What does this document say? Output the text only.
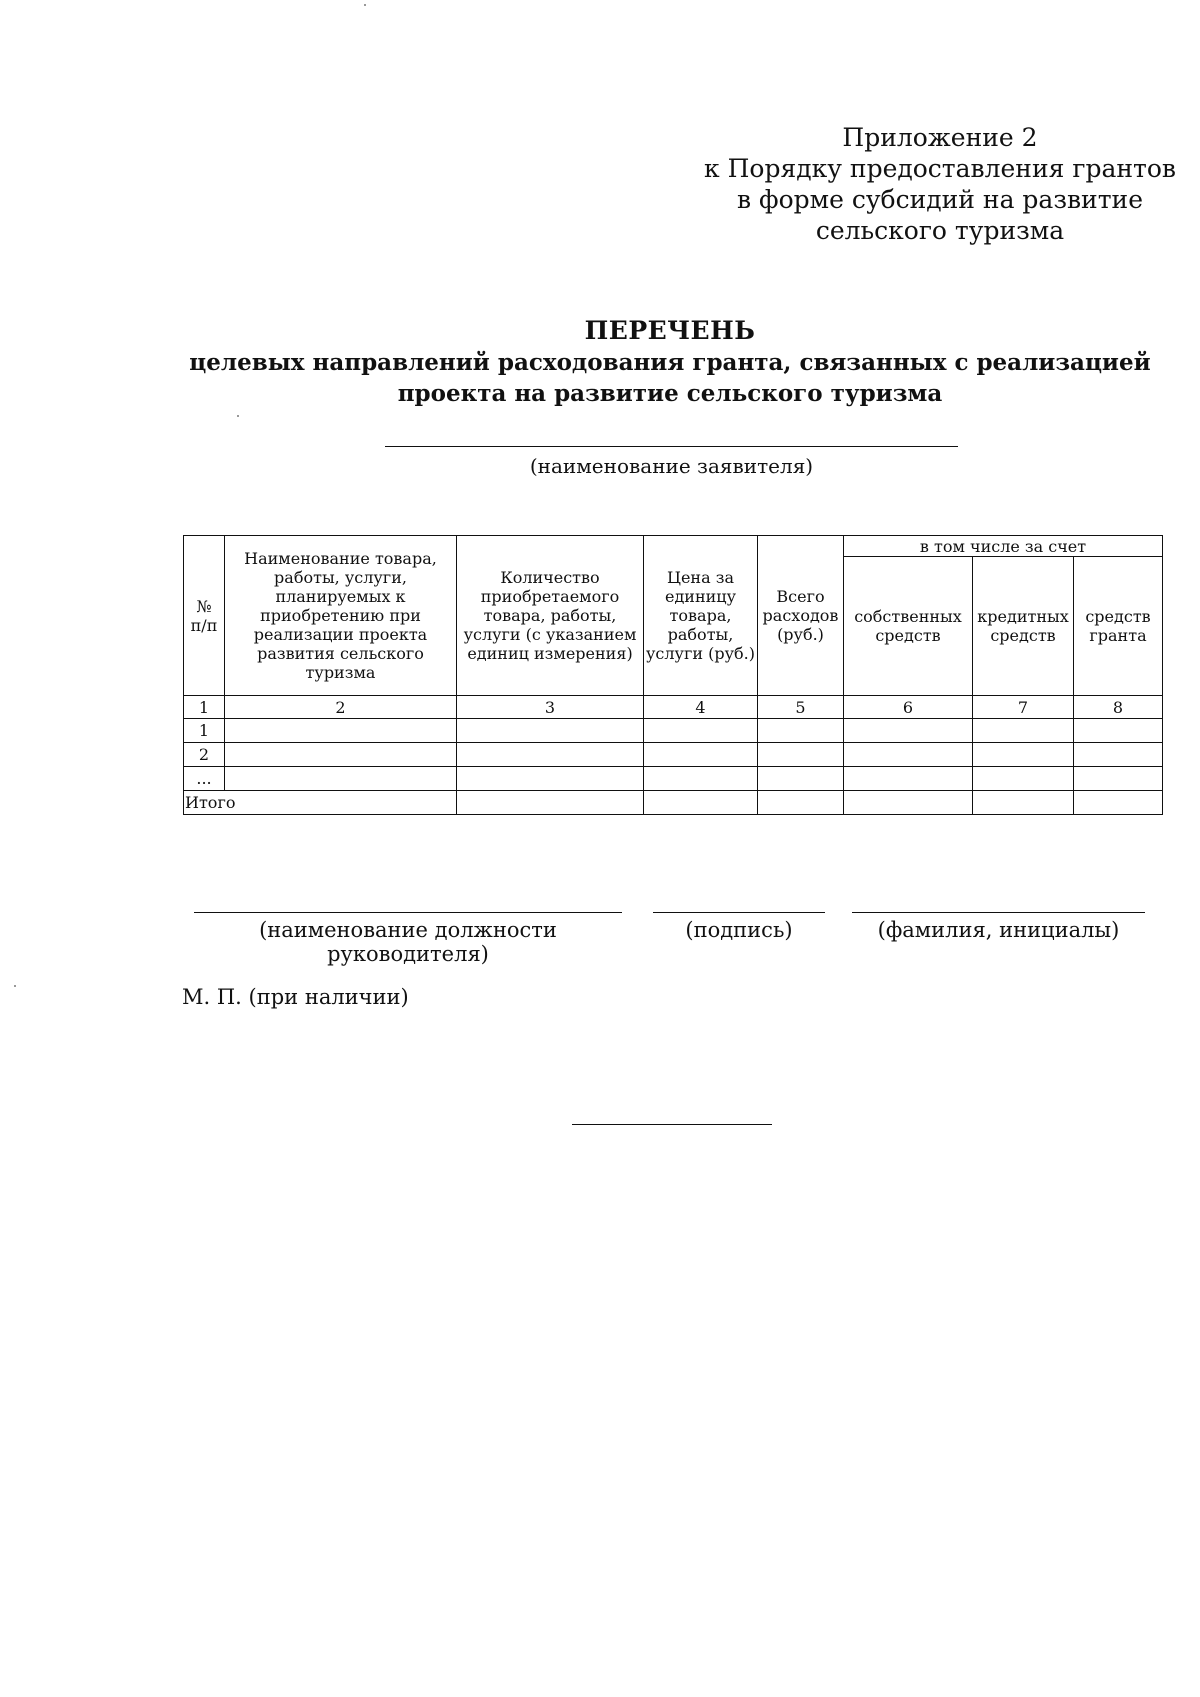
Приложение 2
к Порядку предоставления грантов
в форме субсидий на развитие
сельского туризма
ПЕРЕЧЕНЬ
целевых направлений расходования гранта, связанных с реализацией
проекта на развитие сельского туризма
(наименование заявителя)
№ п/п	Наименование товара, работы, услуги, планируемых к приобретению при реализации проекта развития сельского туризма	Количество приобретаемого товара, работы, услуги (с указанием единиц измерения)	Цена за единицу товара, работы, услуги (руб.)	Всего расходов (руб.)	в том числе за счет		
					собственных средств	кредитных средств	средств гранта
1	2	3	4	5	6	7	8
1							
2							
...							
Итого							
(наименование должности руководителя)
(подпись)	(фамилия, инициалы)
М. П. (при наличии)
